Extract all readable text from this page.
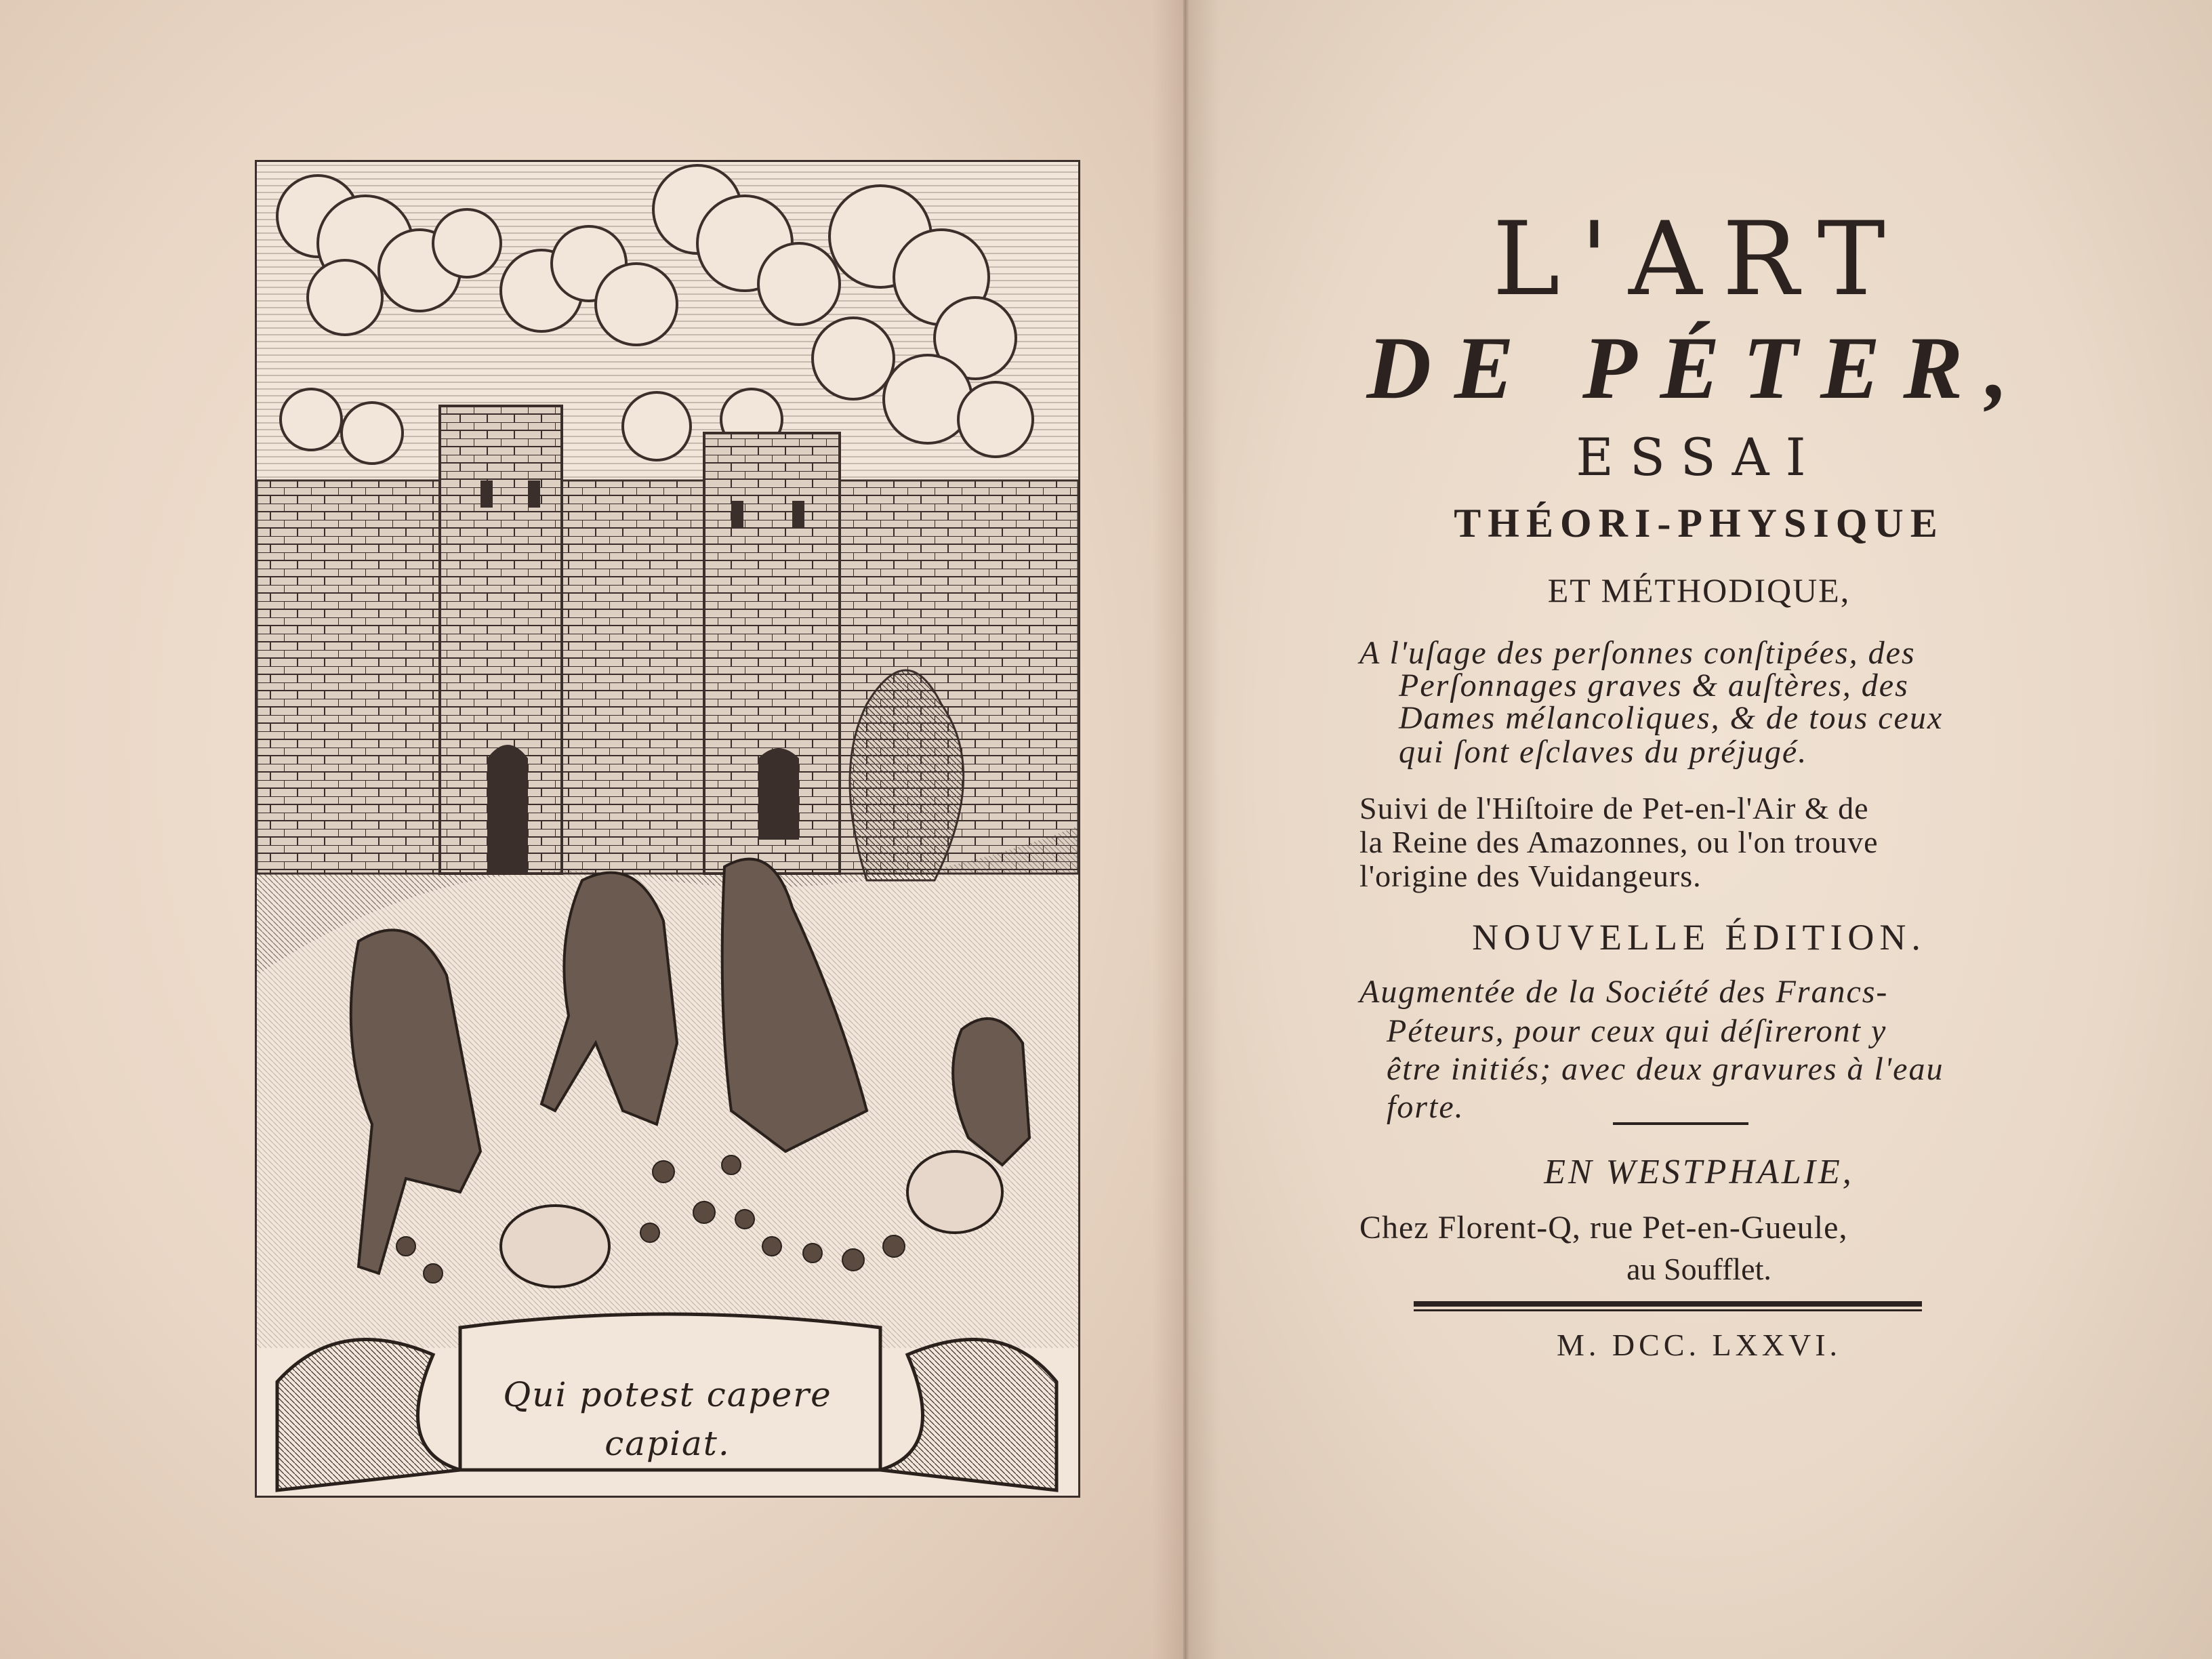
Qui potest capere
capiat.
L'ART
DE PÉTER,
ESSAI
THÉORI-PHYSIQUE
ET MÉTHODIQUE,
A l'uſage des perſonnes conſtipées, des
Perſonnages graves & auſtères, des
Dames mélancoliques, & de tous ceux
qui ſont eſclaves du préjugé.
Suivi de l'Hiſtoire de Pet-en-l'Air & de
la Reine des Amazonnes, ou l'on trouve
l'origine des Vuidangeurs.
NOUVELLE ÉDITION.
Augmentée de la Société des Francs-
Péteurs, pour ceux qui déſireront y
être initiés; avec deux gravures à l'eau
forte.
EN WESTPHALIE,
Chez Florent-Q, rue Pet-en-Gueule,
au Soufflet.
M. DCC. LXXVI.
